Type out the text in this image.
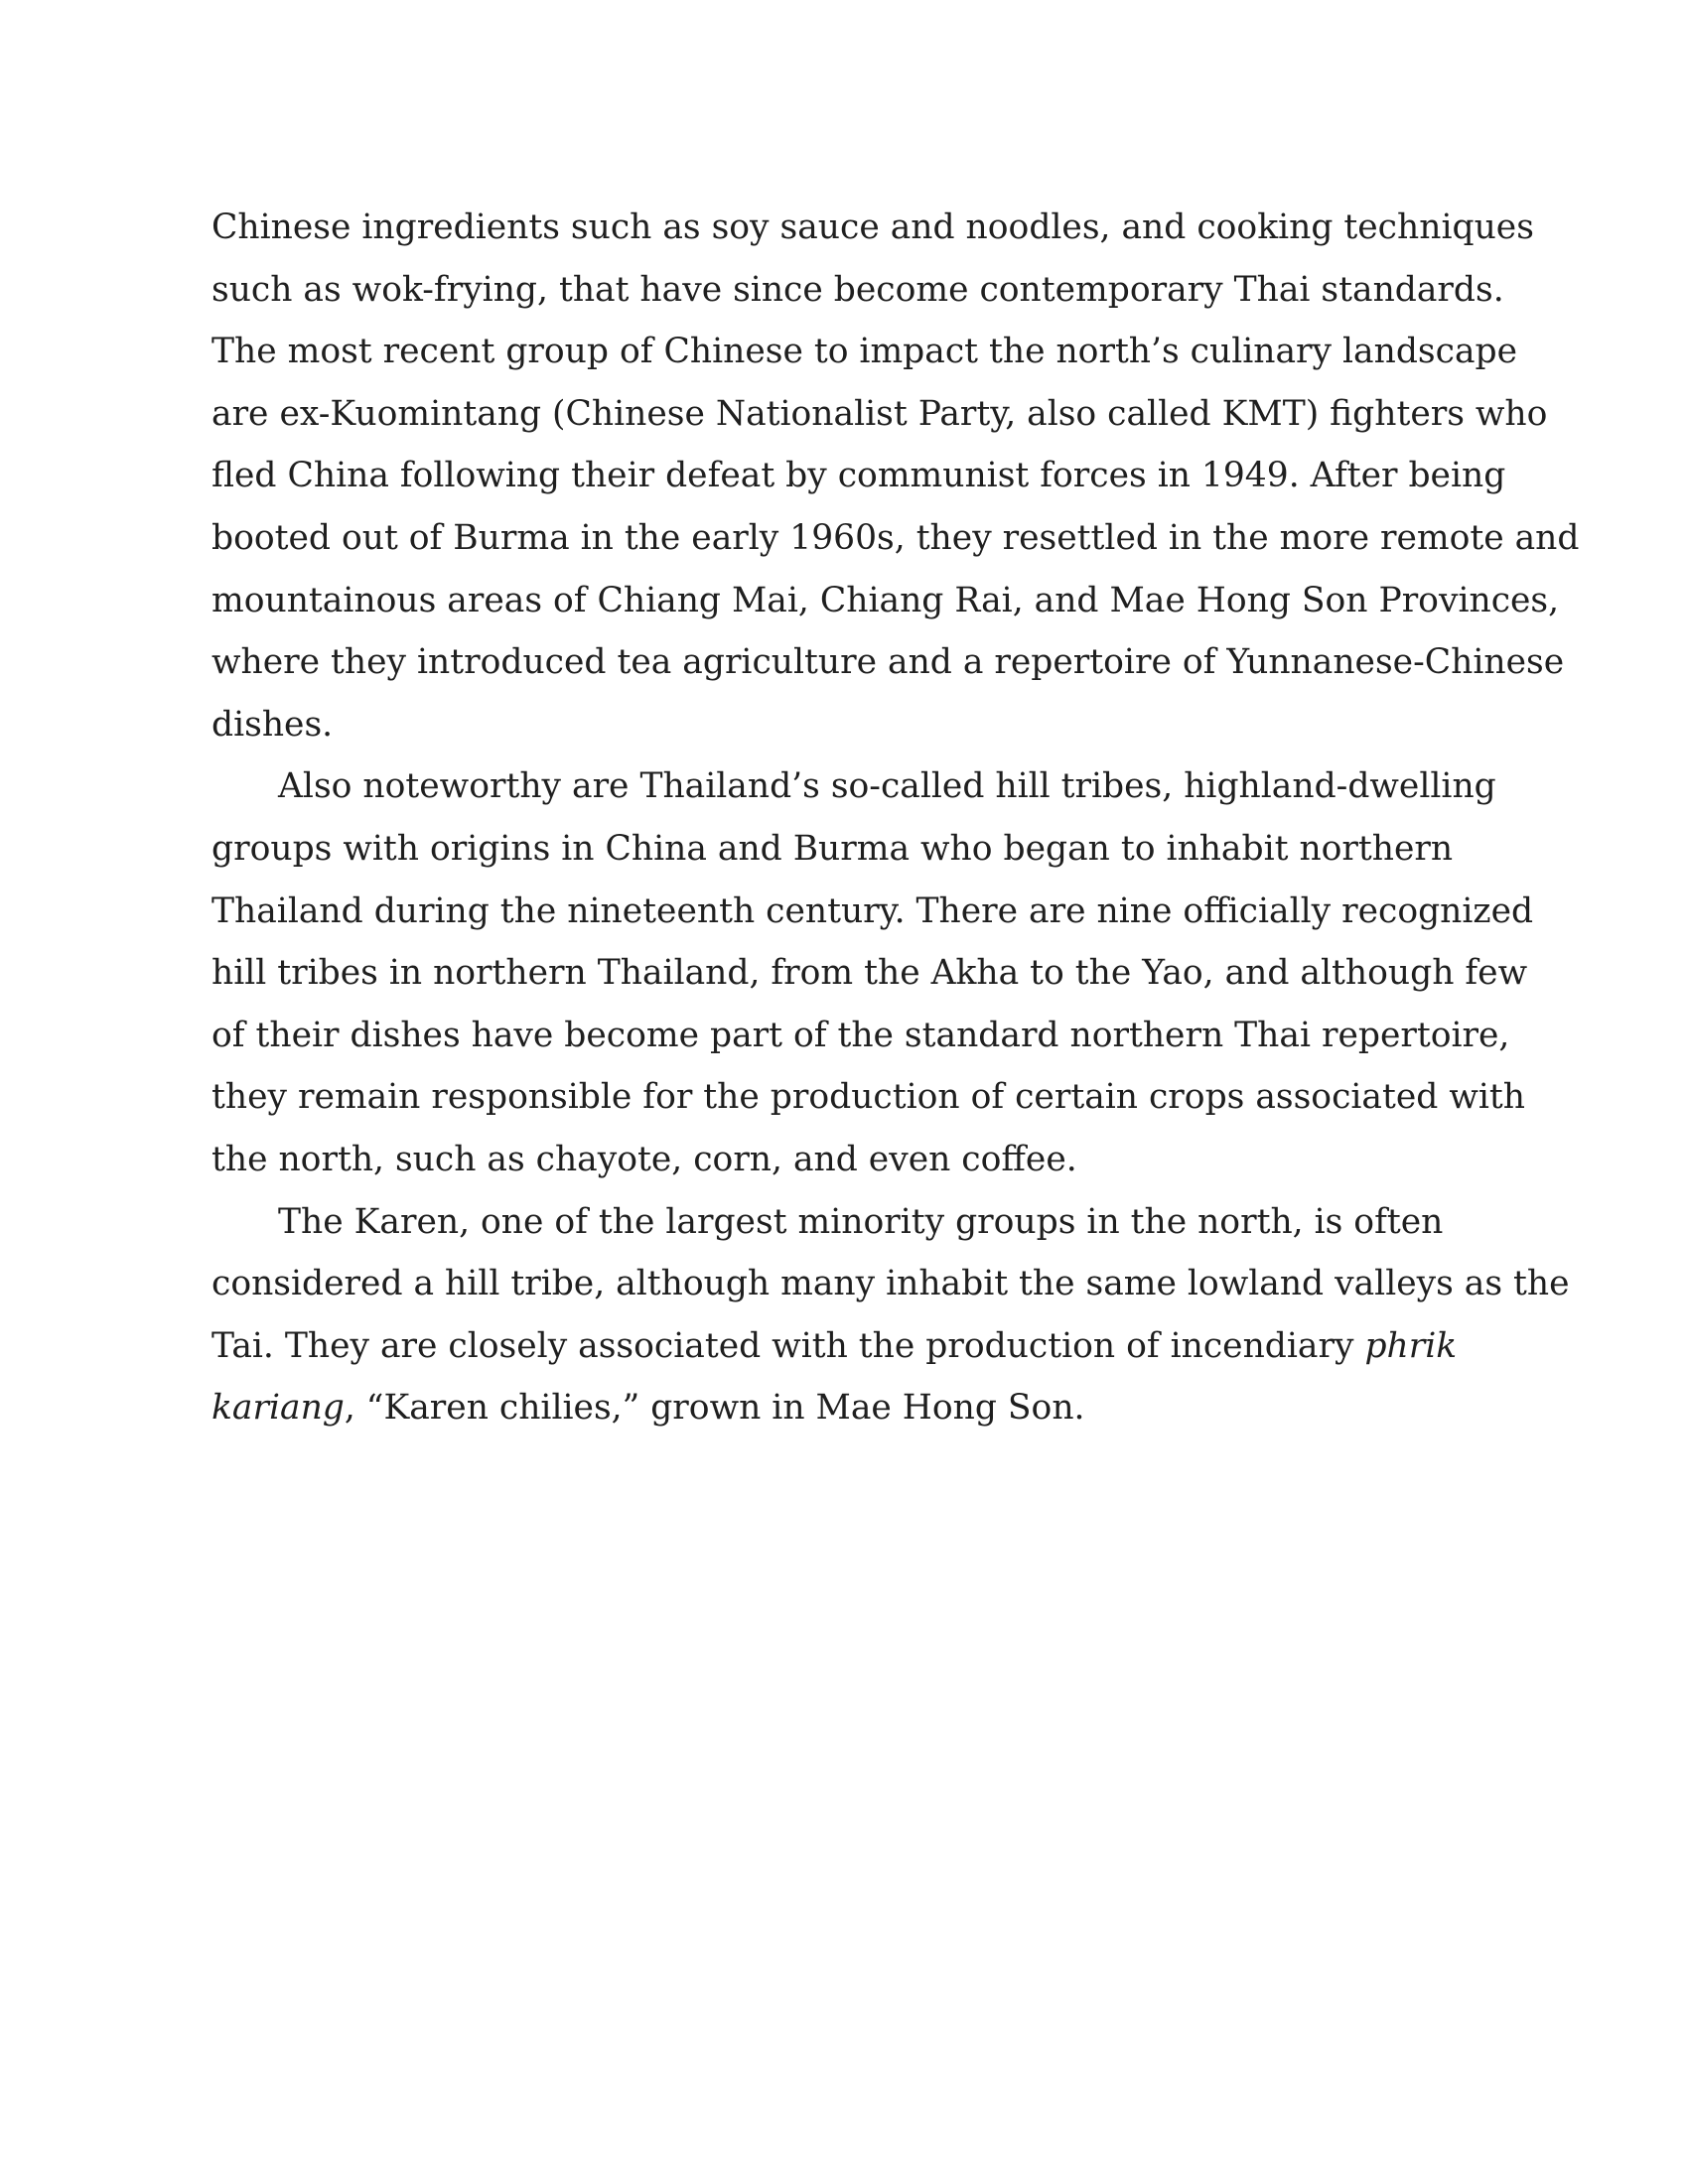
Chinese ingredients such as soy sauce and noodles, and cooking techniques
such as wok-frying, that have since become contemporary Thai standards.
The most recent group of Chinese to impact the north’s culinary landscape
are ex-Kuomintang (Chinese Nationalist Party, also called KMT) fighters who
fled China following their defeat by communist forces in 1949. After being
booted out of Burma in the early 1960s, they resettled in the more remote and
mountainous areas of Chiang Mai, Chiang Rai, and Mae Hong Son Provinces,
where they introduced tea agriculture and a repertoire of Yunnanese-Chinese
dishes.
Also noteworthy are Thailand’s so-called hill tribes, highland-dwelling
groups with origins in China and Burma who began to inhabit northern
Thailand during the nineteenth century. There are nine officially recognized
hill tribes in northern Thailand, from the Akha to the Yao, and although few
of their dishes have become part of the standard northern Thai repertoire,
they remain responsible for the production of certain crops associated with
the north, such as chayote, corn, and even coffee.
The Karen, one of the largest minority groups in the north, is often
considered a hill tribe, although many inhabit the same lowland valleys as the
Tai. They are closely associated with the production of incendiary phrik
kariang, “Karen chilies,” grown in Mae Hong Son.
